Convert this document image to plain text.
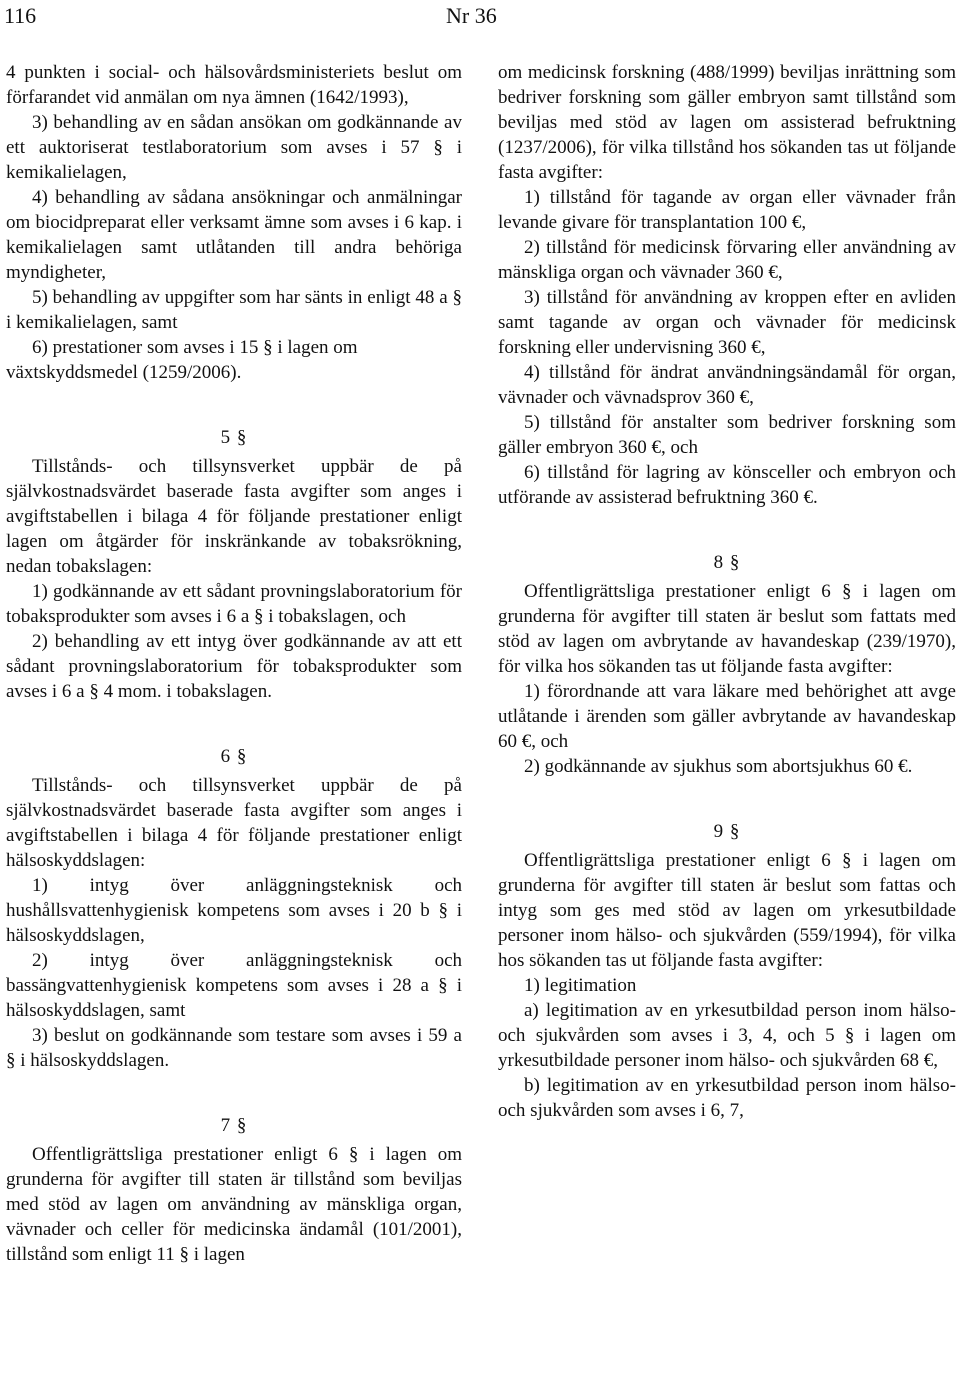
116	Nr 36

4 punkten i social- och hälsovårdsministeriets beslut om förfarandet vid anmälan om nya ämnen (1642/1993),

3) behandling av en sådan ansökan om godkännande av ett auktoriserat testlaboratorium som avses i 57 § i kemikalielagen,

4) behandling av sådana ansökningar och anmälningar om biocidpreparat eller verksamt ämne som avses i 6 kap. i kemikalielagen samt utlåtanden till andra behöriga myndigheter,

5) behandling av uppgifter som har sänts in enligt 48 a § i kemikalielagen, samt

6) prestationer som avses i 15 § i lagen om växtskyddsmedel (1259/2006).

5 §

Tillstånds- och tillsynsverket uppbär de på självkostnadsvärdet baserade fasta avgifter som anges i avgiftstabellen i bilaga 4 för följande prestationer enligt lagen om åtgärder för inskränkande av tobaksrökning, nedan tobakslagen:

1) godkännande av ett sådant provningslaboratorium för tobaksprodukter som avses i 6 a § i tobakslagen, och

2) behandling av ett intyg över godkännande av att ett sådant provningslaboratorium för tobaksprodukter som avses i 6 a § 4 mom. i tobakslagen.

6 §

Tillstånds- och tillsynsverket uppbär de på självkostnadsvärdet baserade fasta avgifter som anges i avgiftstabellen i bilaga 4 för följande prestationer enligt hälsoskyddslagen:

1) intyg över anläggningsteknisk och hushållsvattenhygienisk kompetens som avses i 20 b § i hälsoskyddslagen,

2) intyg över anläggningsteknisk och bassängvattenhygienisk kompetens som avses i 28 a § i hälsoskyddslagen, samt

3) beslut on godkännande som testare som avses i 59 a § i hälsoskyddslagen.

7 §

Offentligrättsliga prestationer enligt 6 § i lagen om grunderna för avgifter till staten är tillstånd som beviljas med stöd av lagen om användning av mänskliga organ, vävnader och celler för medicinska ändamål (101/2001), tillstånd som enligt 11 § i lagen

om medicinsk forskning (488/1999) beviljas inrättning som bedriver forskning som gäller embryon samt tillstånd som beviljas med stöd av lagen om assisterad befruktning (1237/2006), för vilka tillstånd hos sökanden tas ut följande fasta avgifter:

1) tillstånd för tagande av organ eller vävnader från levande givare för transplantation 100 €,

2) tillstånd för medicinsk förvaring eller användning av mänskliga organ och vävnader 360 €,

3) tillstånd för användning av kroppen efter en avliden samt tagande av organ och vävnader för medicinsk forskning eller undervisning 360 €,

4) tillstånd för ändrat användningsändamål för organ, vävnader och vävnadsprov 360 €,

5) tillstånd för anstalter som bedriver forskning som gäller embryon 360 €, och

6) tillstånd för lagring av könsceller och embryon och utförande av assisterad befruktning 360 €.

8 §

Offentligrättsliga prestationer enligt 6 § i lagen om grunderna för avgifter till staten är beslut som fattats med stöd av lagen om avbrytande av havandeskap (239/1970), för vilka hos sökanden tas ut följande fasta avgifter:

1) förordnande att vara läkare med behörighet att avge utlåtande i ärenden som gäller avbrytande av havandeskap 60 €, och

2) godkännande av sjukhus som abortsjukhus 60 €.

9 §

Offentligrättsliga prestationer enligt 6 § i lagen om grunderna för avgifter till staten är beslut som fattas och intyg som ges med stöd av lagen om yrkesutbildade personer inom hälso- och sjukvården (559/1994), för vilka hos sökanden tas ut följande fasta avgifter:

1) legitimation

a) legitimation av en yrkesutbildad person inom hälso- och sjukvården som avses i 3, 4, och 5 § i lagen om yrkesutbildade personer inom hälso- och sjukvården 68 €,

b) legitimation av en yrkesutbildad person inom hälso- och sjukvården som avses i 6, 7,
